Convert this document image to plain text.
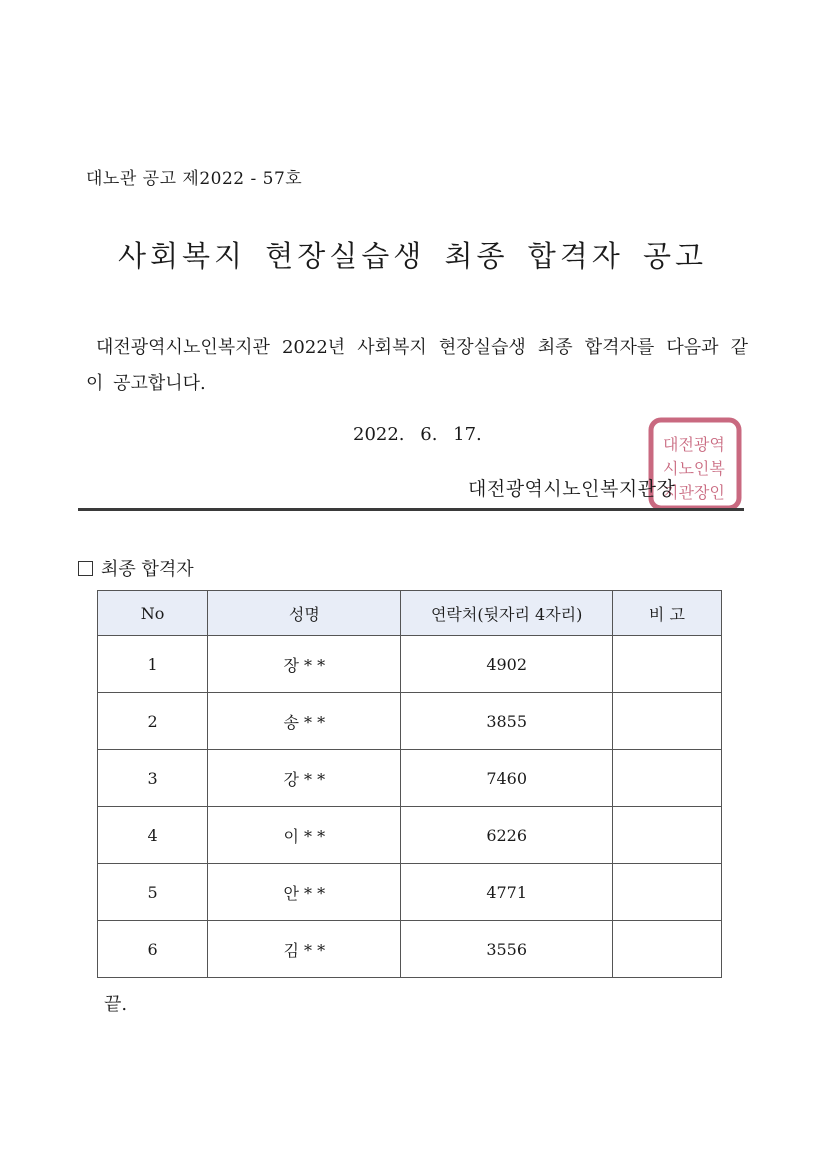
대노관 공고 제2022 - 57호
사회복지 현장실습생 최종 합격자 공고
대전광역시노인복지관 2022년 사회복지 현장실습생 최종 합격자를 다음과 같이 공고합니다.
2022. 6. 17.	대전광역
시노인복
지관장인
대전광역시노인복지관장
최종 합격자
No	성명	연락처(뒷자리 4자리)	비 고
1	장 * *	4902	
2	송 * *	3855	
3	강 * *	7460	
4	이 * *	6226	
5	안 * *	4771	
6	김 * *	3556	
끝.
